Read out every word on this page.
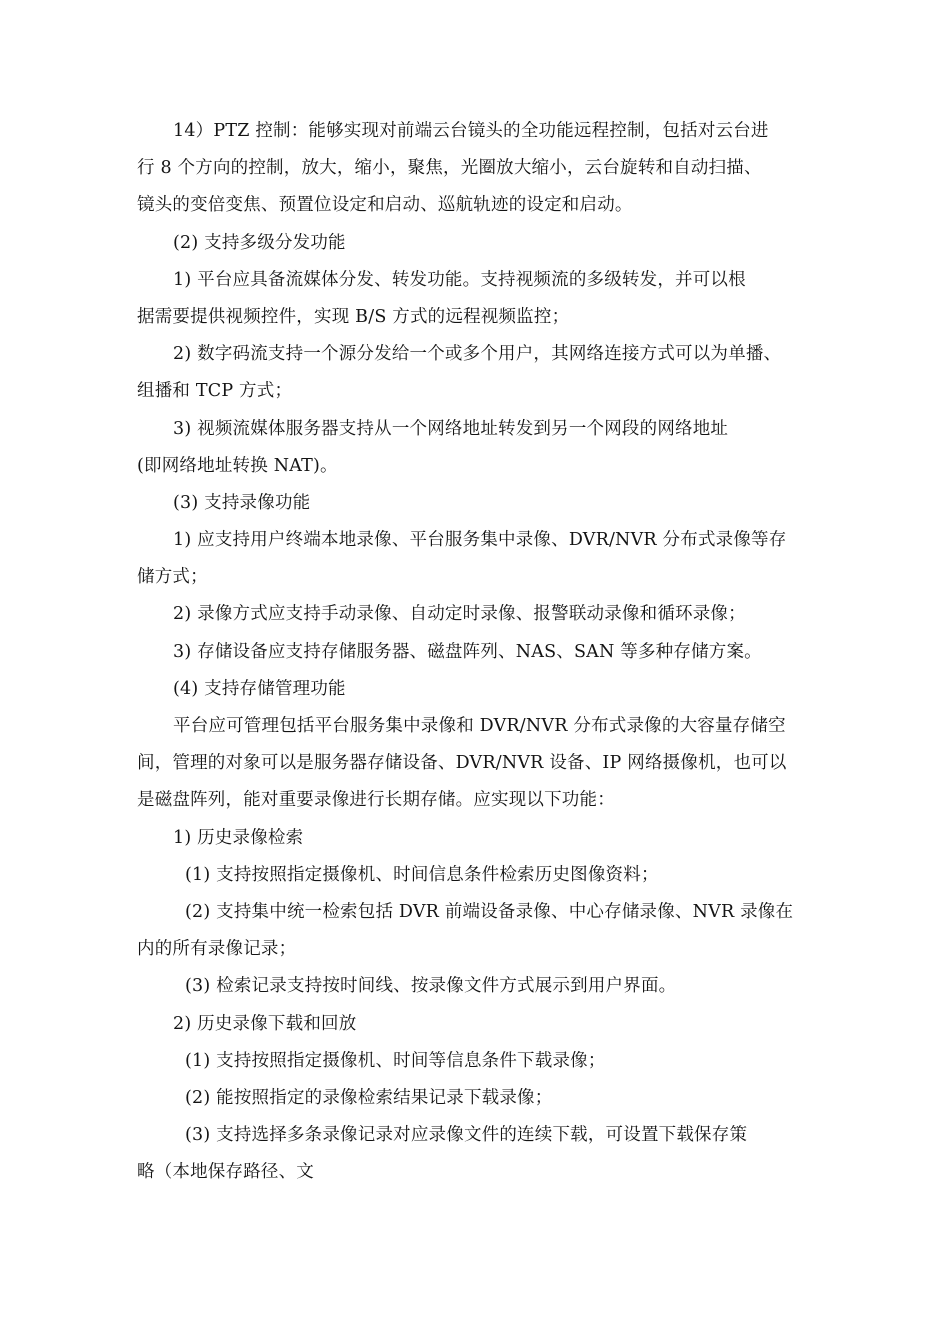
14）PTZ 控制：能够实现对前端云台镜头的全功能远程控制，包括对云台进
行 8 个方向的控制，放大，缩小，聚焦，光圈放大缩小，云台旋转和自动扫描、
镜头的变倍变焦、预置位设定和启动、巡航轨迹的设定和启动。
(2) 支持多级分发功能
1) 平台应具备流媒体分发、转发功能。支持视频流的多级转发，并可以根
据需要提供视频控件，实现 B/S 方式的远程视频监控；
2) 数字码流支持一个源分发给一个或多个用户，其网络连接方式可以为单播、
组播和 TCP 方式；
3) 视频流媒体服务器支持从一个网络地址转发到另一个网段的网络地址
(即网络地址转换 NAT)。
(3) 支持录像功能
1) 应支持用户终端本地录像、平台服务集中录像、DVR/NVR 分布式录像等存
储方式；
2) 录像方式应支持手动录像、自动定时录像、报警联动录像和循环录像；
3) 存储设备应支持存储服务器、磁盘阵列、NAS、SAN 等多种存储方案。
(4) 支持存储管理功能
平台应可管理包括平台服务集中录像和 DVR/NVR 分布式录像的大容量存储空
间，管理的对象可以是服务器存储设备、DVR/NVR 设备、IP 网络摄像机，也可以
是磁盘阵列，能对重要录像进行长期存储。应实现以下功能：
1) 历史录像检索
(1) 支持按照指定摄像机、时间信息条件检索历史图像资料；
(2) 支持集中统一检索包括 DVR 前端设备录像、中心存储录像、NVR 录像在
内的所有录像记录；
(3) 检索记录支持按时间线、按录像文件方式展示到用户界面。
2) 历史录像下载和回放
(1) 支持按照指定摄像机、时间等信息条件下载录像；
(2) 能按照指定的录像检索结果记录下载录像；
(3) 支持选择多条录像记录对应录像文件的连续下载，可设置下载保存策
略（本地保存路径、文
